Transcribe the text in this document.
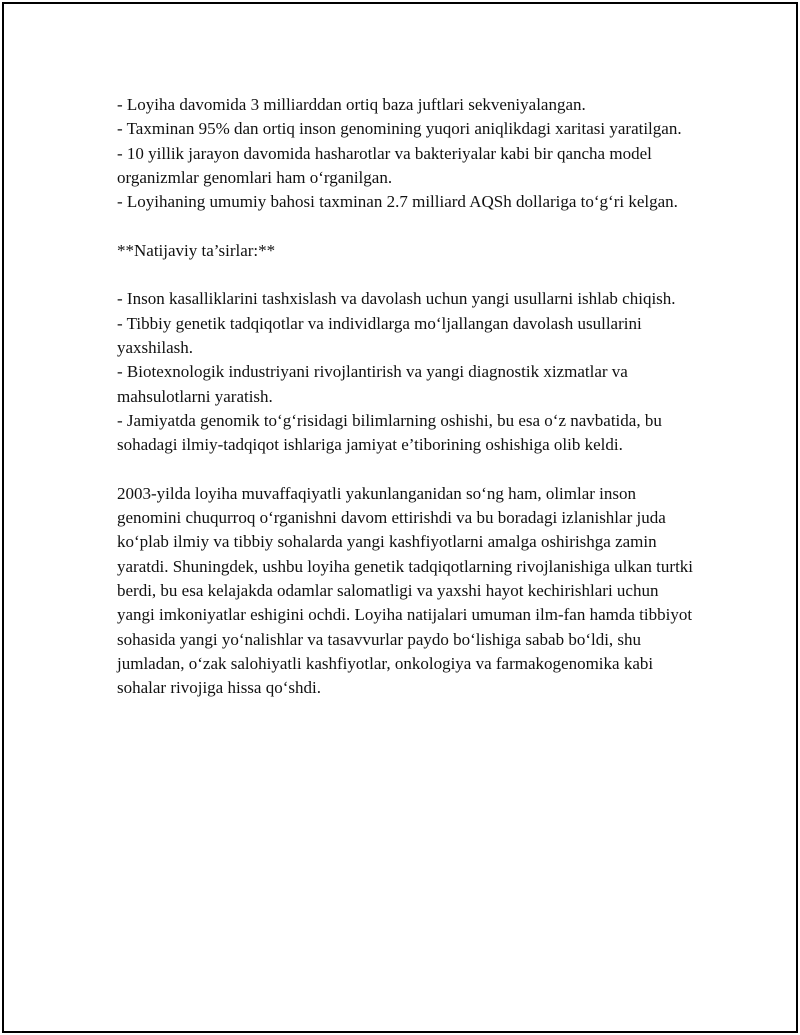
- Loyiha davomida 3 milliarddan ortiq baza juftlari sekveniyalangan.

- Taxminan 95% dan ortiq inson genomining yuqori aniqlikdagi xaritasi yaratilgan.

- 10 yillik jarayon davomida hasharotlar va bakteriyalar kabi bir qancha model organizmlar genomlari ham o‘rganilgan.

- Loyihaning umumiy bahosi taxminan 2.7 milliard AQSh dollariga to‘g‘ri kelgan.

**Natijaviy ta’sirlar:**

- Inson kasalliklarini tashxislash va davolash uchun yangi usullarni ishlab chiqish.

- Tibbiy genetik tadqiqotlar va individlarga mo‘ljallangan davolash usullarini yaxshilash.

- Biotexnologik industriyani rivojlantirish va yangi diagnostik xizmatlar va mahsulotlarni yaratish.

- Jamiyatda genomik to‘g‘risidagi bilimlarning oshishi, bu esa o‘z navbatida, bu sohadagi ilmiy-tadqiqot ishlariga jamiyat e’tiborining oshishiga olib keldi.

2003-yilda loyiha muvaffaqiyatli yakunlanganidan so‘ng ham, olimlar inson genomini chuqurroq o‘rganishni davom ettirishdi va bu boradagi izlanishlar juda ko‘plab ilmiy va tibbiy sohalarda yangi kashfiyotlarni amalga oshirishga zamin yaratdi. Shuningdek, ushbu loyiha genetik tadqiqotlarning rivojlanishiga ulkan turtki berdi, bu esa kelajakda odamlar salomatligi va yaxshi hayot kechirishlari uchun yangi imkoniyatlar eshigini ochdi. Loyiha natijalari umuman ilm-fan hamda tibbiyot sohasida yangi yo‘nalishlar va tasavvurlar paydo bo‘lishiga sabab bo‘ldi, shu jumladan, o‘zak salohiyatli kashfiyotlar, onkologiya va farmakogenomika kabi sohalar rivojiga hissa qo‘shdi.
